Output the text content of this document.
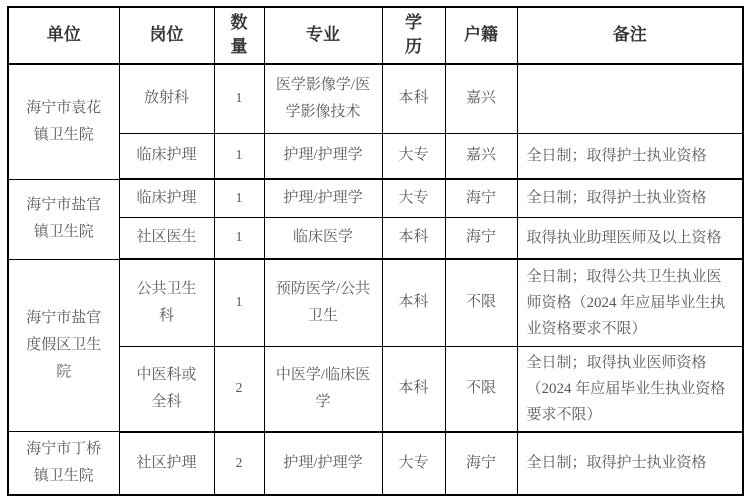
单位	岗位	数量	专业	学历	户籍	备注
海宁市袁花镇卫生院	放射科	1	医学影像学/医学影像技术	本科	嘉兴	
	临床护理	1	护理/护理学	大专	嘉兴	全日制；取得护士执业资格
海宁市盐官镇卫生院	临床护理	1	护理/护理学	大专	海宁	全日制；取得护士执业资格
	社区医生	1	临床医学	本科	海宁	取得执业助理医师及以上资格
海宁市盐官度假区卫生院	公共卫生科	1	预防医学/公共卫生	本科	不限	全日制；取得公共卫生执业医师资格（2024 年应届毕业生执业资格要求不限）
	中医科或全科	2	中医学/临床医学	本科	不限	全日制；取得执业医师资格（2024 年应届毕业生执业资格要求不限）
海宁市丁桥镇卫生院	社区护理	2	护理/护理学	大专	海宁	全日制；取得护士执业资格
